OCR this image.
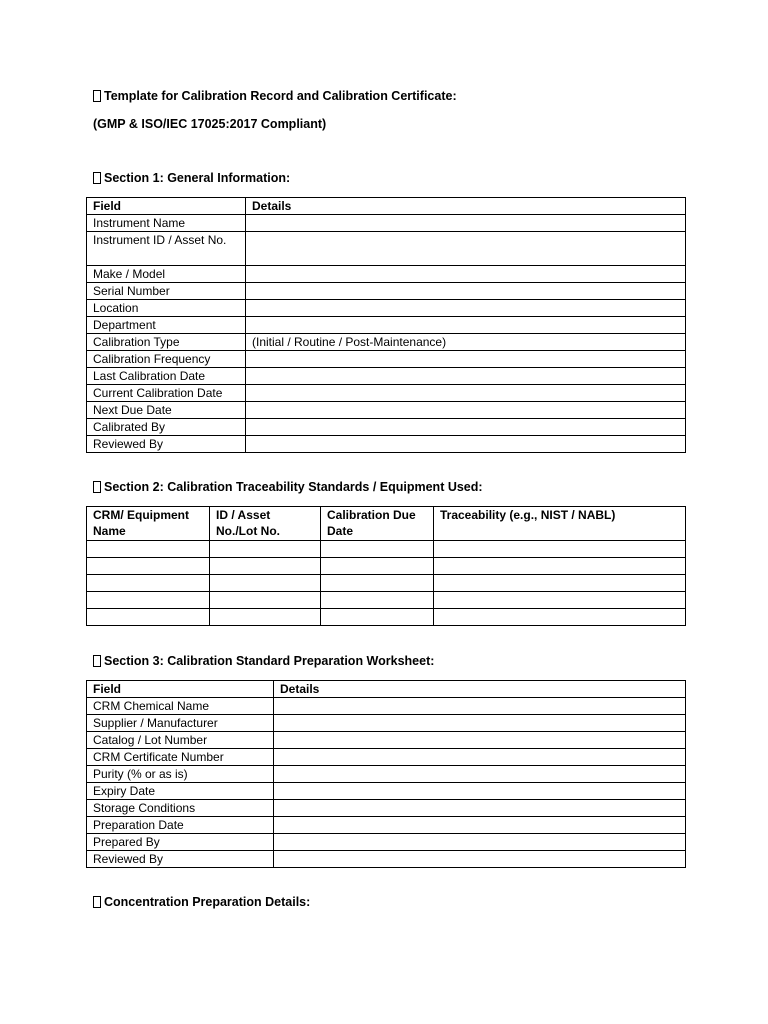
Template for Calibration Record and Calibration Certificate:
(GMP & ISO/IEC 17025:2017 Compliant)
Section 1: General Information:
Field	Details
Instrument Name	
Instrument ID / Asset No.	
Make / Model	
Serial Number	
Location	
Department	
Calibration Type	(Initial / Routine / Post-Maintenance)
Calibration Frequency	
Last Calibration Date	
Current Calibration Date	
Next Due Date	
Calibrated By	
Reviewed By	
Section 2: Calibration Traceability Standards / Equipment Used:
CRM/ Equipment Name	ID / Asset No./Lot No.	Calibration Due Date	Traceability (e.g., NIST / NABL)

Section 3: Calibration Standard Preparation Worksheet:
Field	Details
CRM Chemical Name	
Supplier / Manufacturer	
Catalog / Lot Number	
CRM Certificate Number	
Purity (% or as is)	
Expiry Date	
Storage Conditions	
Preparation Date	
Prepared By	
Reviewed By	
Concentration Preparation Details:
